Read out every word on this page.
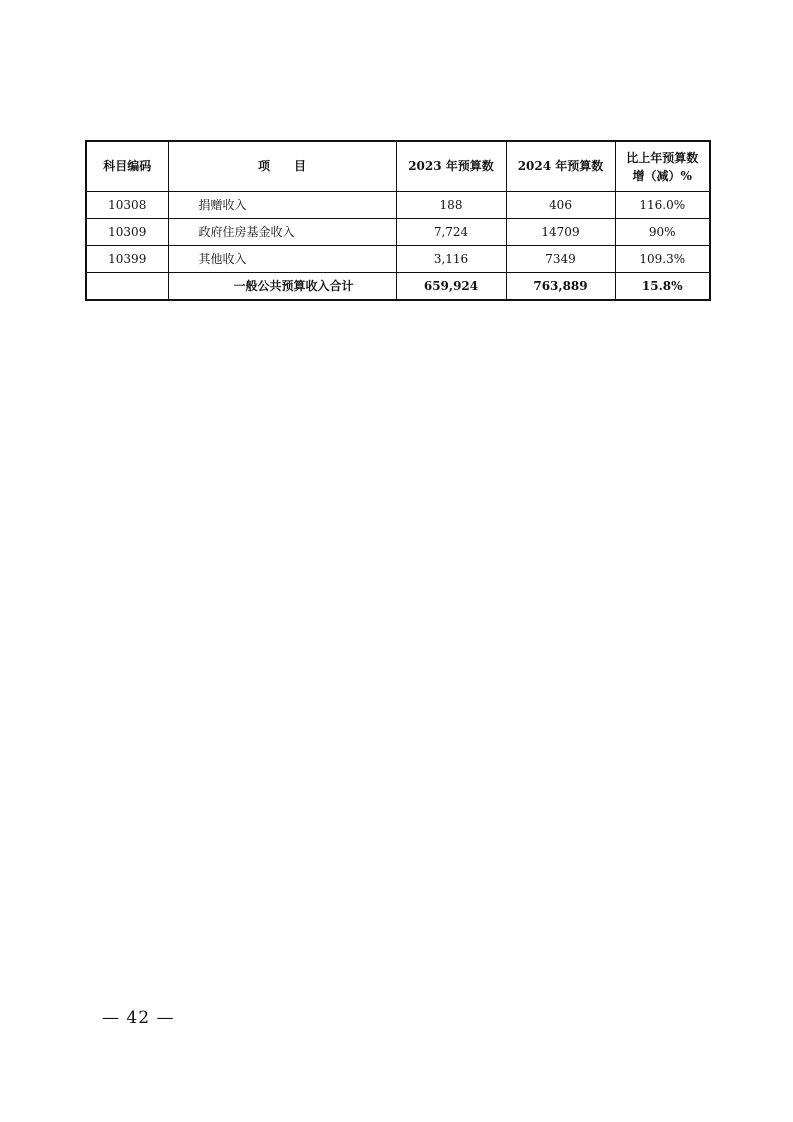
科目编码	项　　目	2023 年预算数	2024 年预算数	比上年预算数
增（减）%

10308	捐赠收入	188	406	116.0%
10309	政府住房基金收入	7,724	14709	90%
10399	其他收入	3,116	7349	109.3%
	一般公共预算收入合计	659,924	763,889	15.8%
— 42 —
